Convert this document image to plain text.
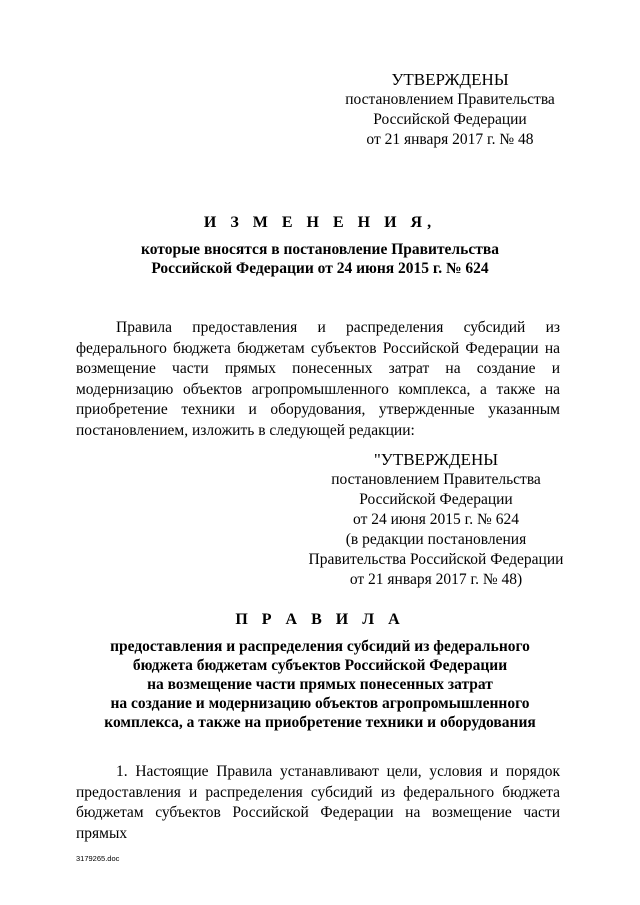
УТВЕРЖДЕНЫ
постановлением Правительства
Российской Федерации
от 21 января 2017 г. № 48
И З М Е Н Е Н И Я,
которые вносятся в постановление Правительства
Российской Федерации от 24 июня 2015 г. № 624

Правила предоставления и распределения субсидий из федерального бюджета бюджетам субъектов Российской Федерации на возмещение части прямых понесенных затрат на создание и модернизацию объектов агропромышленного комплекса, а также на приобретение техники и оборудования, утвержденные указанным постановлением, изложить в следующей редакции:

"УТВЕРЖДЕНЫ
постановлением Правительства
Российской Федерации
от 24 июня 2015 г. № 624
(в редакции постановления
Правительства Российской Федерации
от 21 января 2017 г. № 48)
П Р А В И Л А
предоставления и распределения субсидий из федерального
бюджета бюджетам субъектов Российской Федерации
на возмещение части прямых понесенных затрат
на создание и модернизацию объектов агропромышленного
комплекса, а также на приобретение техники и оборудования

1. Настоящие Правила устанавливают цели, условия и порядок предоставления и распределения субсидий из федерального бюджета бюджетам субъектов Российской Федерации на возмещение части прямых

3179265.doc
